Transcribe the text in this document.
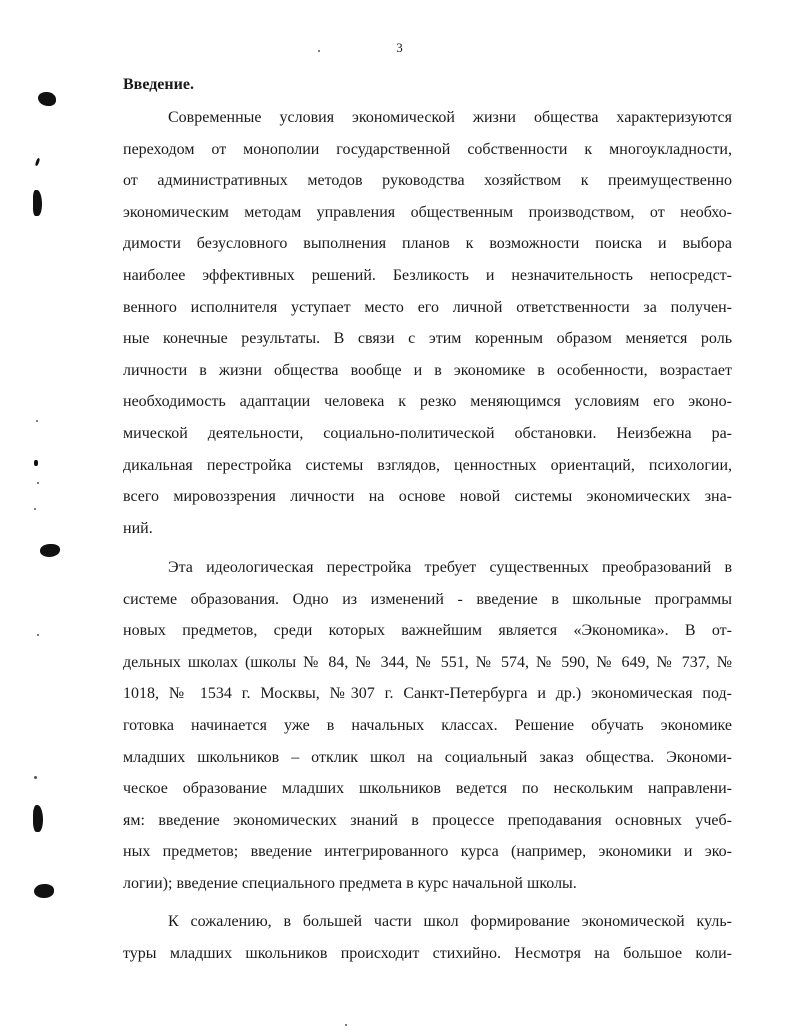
3
Введение.
Современные условия экономической жизни общества характеризуются
переходом от монополии государственной собственности к многоукладности,
от административных методов руководства хозяйством к преимущественно
экономическим методам управления общественным производством, от необхо-
димости безусловного выполнения планов к возможности поиска и выбора
наиболее эффективных решений. Безликость и незначительность непосредст-
венного исполнителя уступает место его личной ответственности за получен-
ные конечные результаты. В связи с этим коренным образом меняется роль
личности в жизни общества вообще и в экономике в особенности, возрастает
необходимость адаптации человека к резко меняющимся условиям его эконо-
мической деятельности, социально-политической обстановки. Неизбежна ра-
дикальная перестройка системы взглядов, ценностных ориентаций, психологии,
всего мировоззрения личности на основе новой системы экономических зна-
ний.
Эта идеологическая перестройка требует существенных преобразований в
системе образования. Одно из изменений - введение в школьные программы
новых предметов, среди которых важнейшим является «Экономика». В от-
дельных школах (школы № 84, № 344, № 551, № 574, № 590, № 649, № 737, №
1018, № 1534 г. Москвы, №307 г. Санкт-Петербурга и др.) экономическая под-
готовка начинается уже в начальных классах. Решение обучать экономике
младших школьников – отклик школ на социальный заказ общества. Экономи-
ческое образование младших школьников ведется по нескольким направлени-
ям: введение экономических знаний в процессе преподавания основных учеб-
ных предметов; введение интегрированного курса (например, экономики и эко-
логии); введение специального предмета в курс начальной школы.
К сожалению, в большей части школ формирование экономической куль-
туры младших школьников происходит стихийно. Несмотря на большое коли-
